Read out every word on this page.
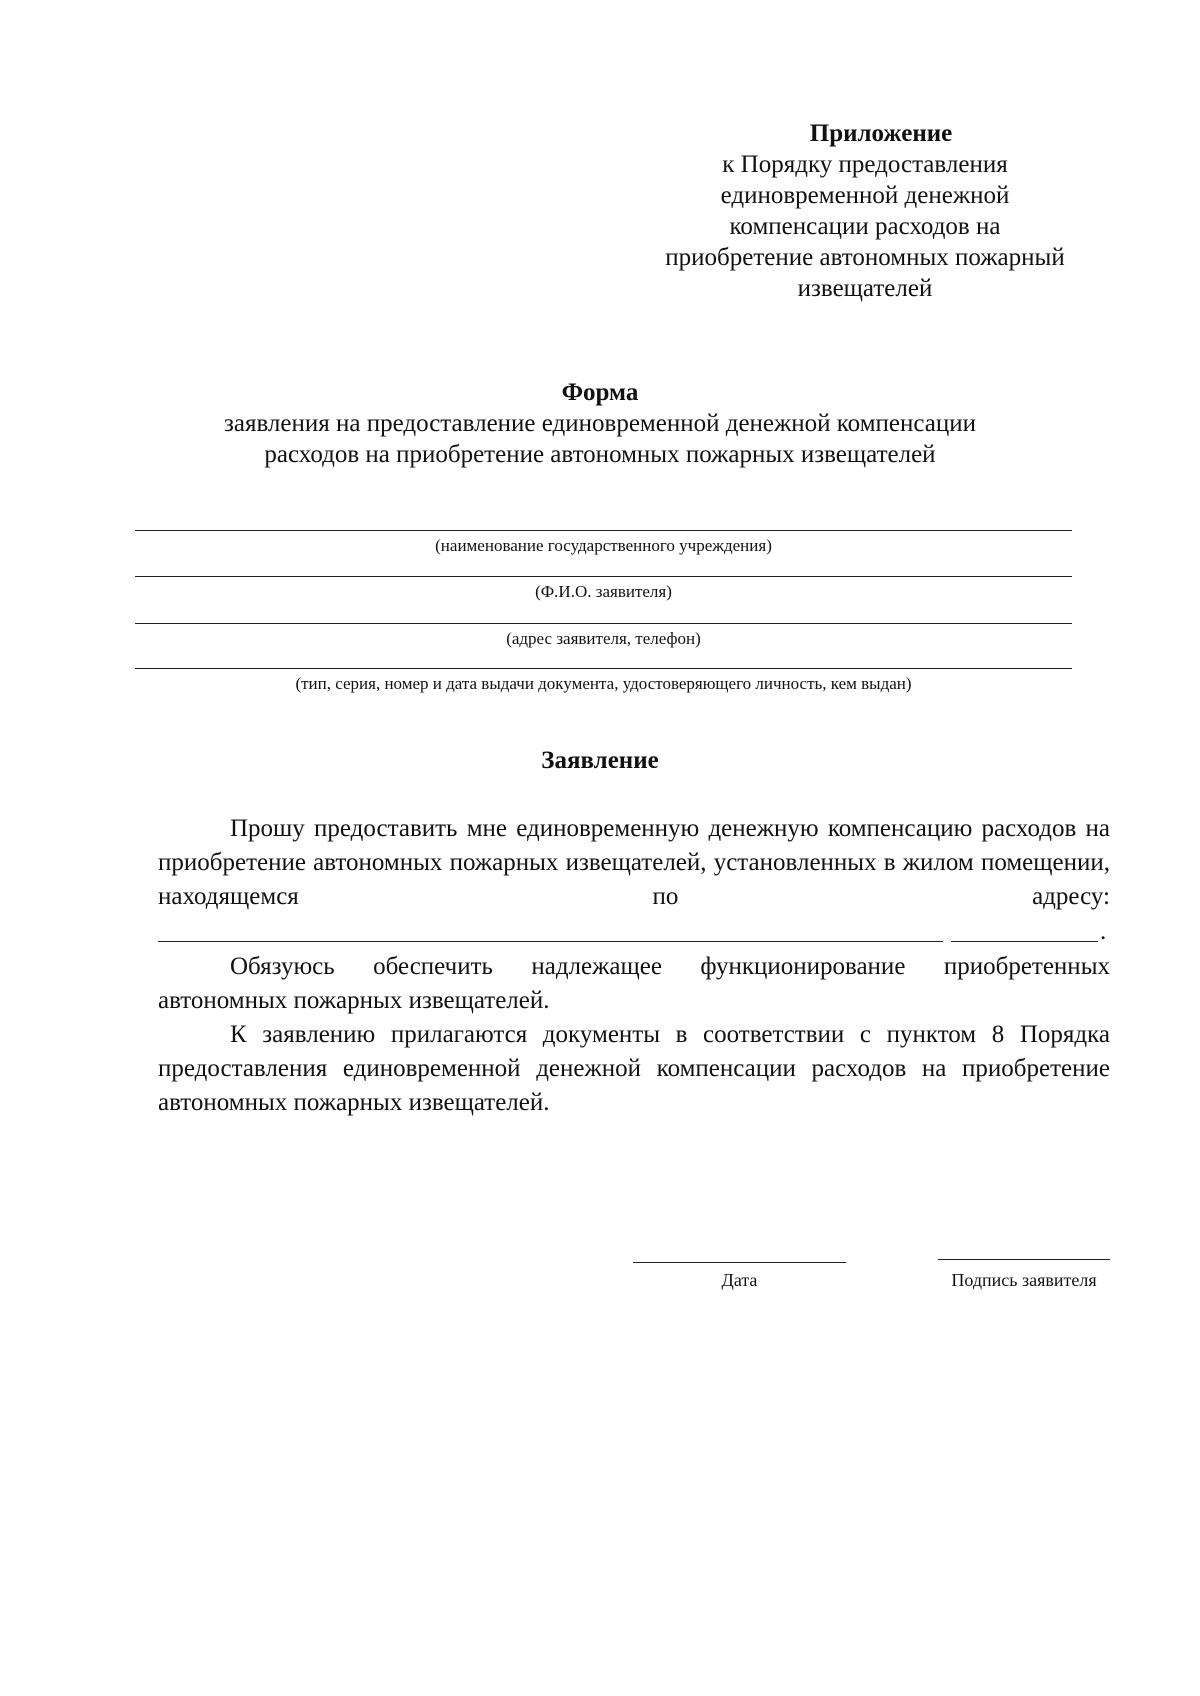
Приложение
к Порядку предоставления
единовременной денежной
компенсации расходов на
приобретение автономных пожарный
извещателей
Форма
заявления на предоставление единовременной денежной компенсации
расходов на приобретение автономных пожарных извещателей
(наименование государственного учреждения)
(Ф.И.О. заявителя)
(адрес заявителя, телефон)
(тип, серия, номер и дата выдачи документа, удостоверяющего личность, кем выдан)
Заявление

Прошу предоставить мне единовременную денежную компенсацию расходов на приобретение автономных пожарных извещателей, установленных в жилом помещении, находящемся по адресу:

.

Обязуюсь обеспечить надлежащее функционирование приобретенных автономных пожарных извещателей.

К заявлению прилагаются документы в соответствии с пунктом 8 Порядка предоставления единовременной денежной компенсации расходов на приобретение автономных пожарных извещателей.

Дата	Подпись заявителя
